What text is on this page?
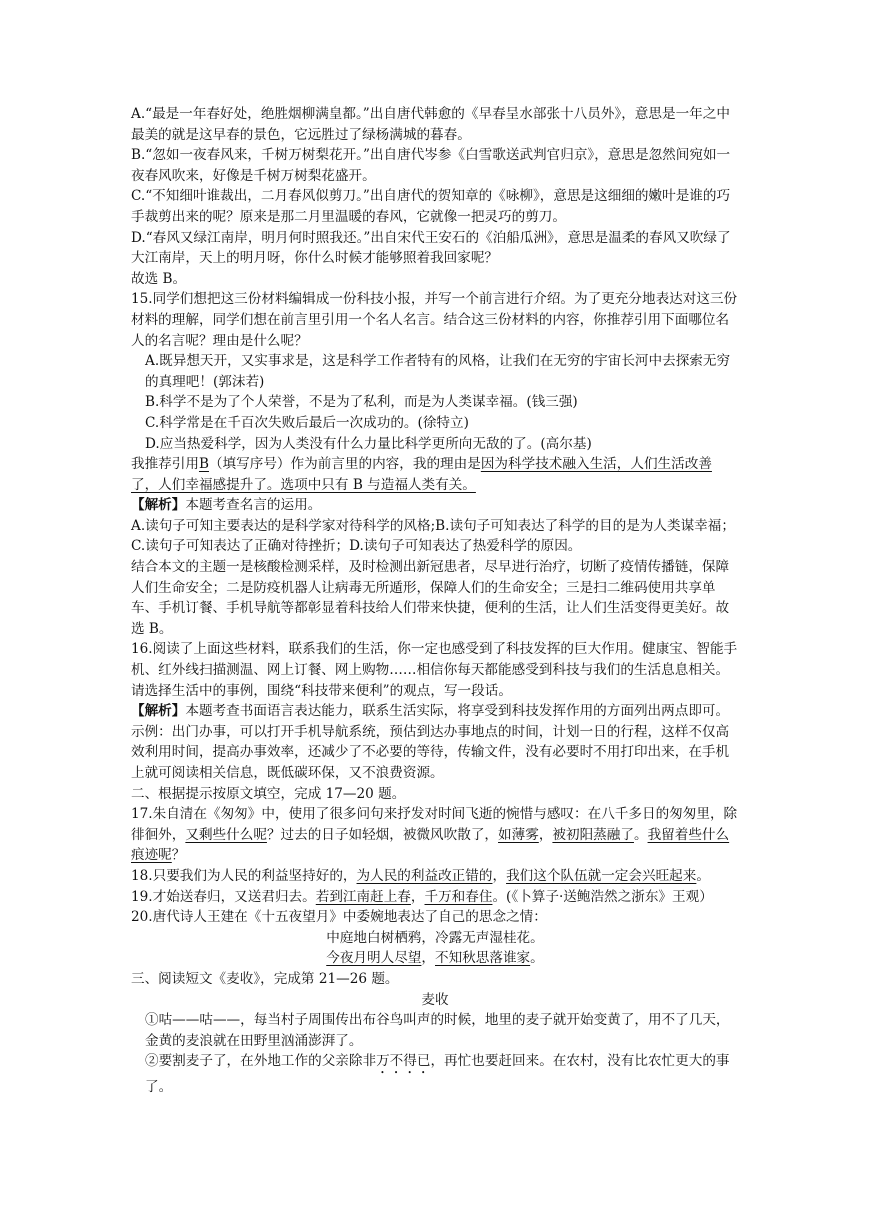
A.“最是一年春好处，绝胜烟柳满皇都。”出自唐代韩愈的《早春呈水部张十八员外》，意思是一年之中最美的就是这早春的景色，它远胜过了绿杨满城的暮春。

B.“忽如一夜春风来，千树万树梨花开。”出自唐代岑参《白雪歌送武判官归京》，意思是忽然间宛如一夜春风吹来，好像是千树万树梨花盛开。

C.“不知细叶谁裁出，二月春风似剪刀。”出自唐代的贺知章的《咏柳》，意思是这细细的嫩叶是谁的巧手裁剪出来的呢？原来是那二月里温暖的春风，它就像一把灵巧的剪刀。

D.“春风又绿江南岸，明月何时照我还。”出自宋代王安石的《泊船瓜洲》，意思是温柔的春风又吹绿了大江南岸，天上的明月呀，你什么时候才能够照着我回家呢？

故选 B。

15.同学们想把这三份材料编辑成一份科技小报，并写一个前言进行介绍。为了更充分地表达对这三份材料的理解，同学们想在前言里引用一个名人名言。结合这三份材料的内容，你推荐引用下面哪位名人的名言呢？理由是什么呢？

A.既异想天开，又实事求是，这是科学工作者特有的风格，让我们在无穷的宇宙长河中去探索无穷的真理吧！(郭沫若)

B.科学不是为了个人荣誉，不是为了私利，而是为人类谋幸福。(钱三强)

C.科学常是在千百次失败后最后一次成功的。(徐特立)

D.应当热爱科学，因为人类没有什么力量比科学更所向无敌的了。(高尔基)

我推荐引用B（填写序号）作为前言里的内容，我的理由是因为科学技术融入生活，人们生活改善了，人们幸福感提升了。选项中只有 B 与造福人类有关。

【解析】本题考查名言的运用。

A.读句子可知主要表达的是科学家对待科学的风格;B.读句子可知表达了科学的目的是为人类谋幸福；C.读句子可知表达了正确对待挫折；D.读句子可知表达了热爱科学的原因。

结合本文的主题一是核酸检测采样，及时检测出新冠患者，尽早进行治疗，切断了疫情传播链，保障人们生命安全；二是防疫机器人让病毒无所遁形，保障人们的生命安全；三是扫二维码使用共享单车、手机订餐、手机导航等都彰显着科技给人们带来快捷，便利的生活，让人们生活变得更美好。故选 B。

16.阅读了上面这些材料，联系我们的生活，你一定也感受到了科技发挥的巨大作用。健康宝、智能手机、红外线扫描测温、网上订餐、网上购物……相信你每天都能感受到科技与我们的生活息息相关。请选择生活中的事例，围绕“科技带来便利”的观点，写一段话。

【解析】本题考查书面语言表达能力，联系生活实际，将享受到科技发挥作用的方面列出两点即可。

示例：出门办事，可以打开手机导航系统，预估到达办事地点的时间，计划一日的行程，这样不仅高效利用时间，提高办事效率，还减少了不必要的等待，传输文件，没有必要时不用打印出来，在手机上就可阅读相关信息，既低碳环保，又不浪费资源。

二、根据提示按原文填空，完成 17—20 题。

17.朱自清在《匆匆》中，使用了很多问句来抒发对时间飞逝的惋惜与感叹：在八千多日的匆匆里，除徘徊外，又剩些什么呢？过去的日子如轻烟，被微风吹散了，如薄雾，被初阳蒸融了。我留着些什么痕迹呢？

18.只要我们为人民的利益坚持好的，为人民的利益改正错的，我们这个队伍就一定会兴旺起来。

19.才始送春归，又送君归去。若到江南赶上春，千万和春住。(《卜算子·送鲍浩然之浙东》王观）

20.唐代诗人王建在《十五夜望月》中委婉地表达了自己的思念之情：

中庭地白树栖鸦，冷露无声湿桂花。

今夜月明人尽望，不知秋思落谁家。

三、阅读短文《麦收》，完成第 21—26 题。

麦收

①咕——咕——，每当村子周围传出布谷鸟叫声的时候，地里的麦子就开始变黄了，用不了几天，金黄的麦浪就在田野里汹涌澎湃了。

②要割麦子了，在外地工作的父亲除非万不得已，再忙也要赶回来。在农村，没有比农忙更大的事了。
